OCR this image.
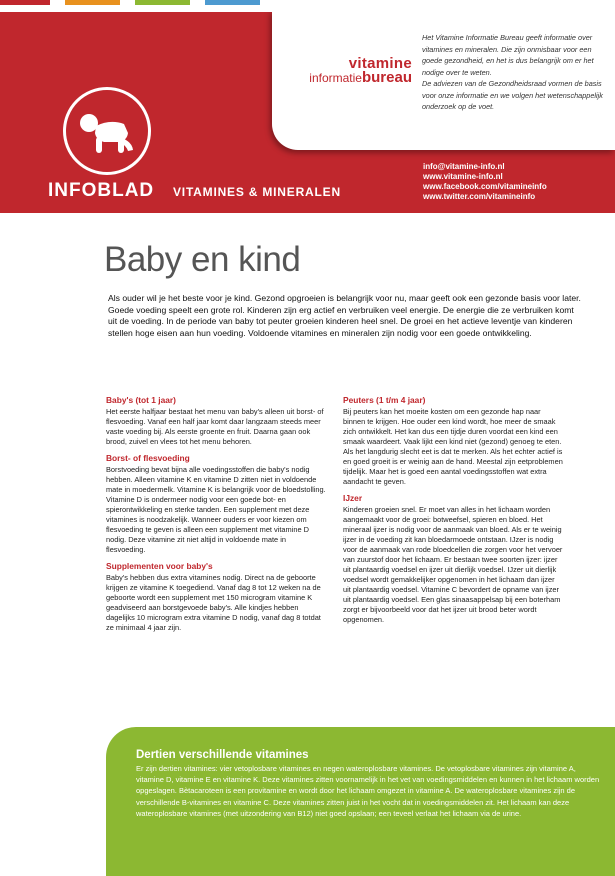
vitamine
informatiebureau

Het Vitamine Informatie Bureau geeft informatie over vitamines en mineralen. Die zijn onmisbaar voor een goede gezondheid, en het is dus belangrijk om er het nodige over te weten.

De adviezen van de Gezondheidsraad vormen de basis voor onze informatie en we volgen het wetenschappelijk onderzoek op de voet.

INFOBLAD VITAMINES & MINERALEN
info@vitamine-info.nl
www.vitamine-info.nl
www.facebook.com/vitamineinfo
www.twitter.com/vitamineinfo
Baby en kind

Als ouder wil je het beste voor je kind. Gezond opgroeien is belangrijk voor nu, maar geeft ook een gezonde basis voor later. Goede voeding speelt een grote rol. Kinderen zijn erg actief en verbruiken veel energie. De energie die ze verbruiken komt uit de voeding. In de periode van baby tot peuter groeien kinderen heel snel. De groei en het actieve leventje van kinderen stellen hoge eisen aan hun voeding. Voldoende vitamines en mineralen zijn nodig voor een goede ontwikkeling.

Baby's (tot 1 jaar)

Het eerste halfjaar bestaat het menu van baby's alleen uit borst- of flesvoeding. Vanaf een half jaar komt daar langzaam steeds meer vaste voeding bij. Als eerste groente en fruit. Daarna gaan ook brood, zuivel en vlees tot het menu behoren.

Borst- of flesvoeding

Borstvoeding bevat bijna alle voedingsstoffen die baby's nodig hebben. Alleen vitamine K en vitamine D zitten niet in voldoende mate in moedermelk. Vitamine K is belangrijk voor de bloedstolling. Vitamine D is ondermeer nodig voor een goede bot- en spierontwikkeling en sterke tanden. Een supplement met deze vitamines is noodzakelijk. Wanneer ouders er voor kiezen om flesvoeding te geven is alleen een supplement met vitamine D nodig. Deze vitamine zit niet altijd in voldoende mate in flesvoeding.

Supplementen voor baby's

Baby's hebben dus extra vitamines nodig. Direct na de geboorte krijgen ze vitamine K toegediend. Vanaf dag 8 tot 12 weken na de geboorte wordt een supplement met 150 microgram vitamine K geadviseerd aan borstgevoede baby's. Alle kindjes hebben dagelijks 10 microgram extra vitamine D nodig, vanaf dag 8 totdat ze minimaal 4 jaar zijn.

Peuters (1 t/m 4 jaar)

Bij peuters kan het moeite kosten om een gezonde hap naar binnen te krijgen. Hoe ouder een kind wordt, hoe meer de smaak zich ontwikkelt. Het kan dus een tijdje duren voordat een kind een smaak waardeert. Vaak lijkt een kind niet (gezond) genoeg te eten. Als het langdurig slecht eet is dat te merken. Als het echter actief is en goed groeit is er weinig aan de hand. Meestal zijn eetproblemen tijdelijk. Maar het is goed een aantal voedingsstoffen wat extra aandacht te geven.

IJzer

Kinderen groeien snel. Er moet van alles in het lichaam worden aangemaakt voor de groei: botweefsel, spieren en bloed. Het mineraal ijzer is nodig voor de aanmaak van bloed. Als er te weinig ijzer in de voeding zit kan bloedarmoede ontstaan. IJzer is nodig voor de aanmaak van rode bloedcellen die zorgen voor het vervoer van zuurstof door het lichaam. Er bestaan twee soorten ijzer: ijzer uit plantaardig voedsel en ijzer uit dierlijk voedsel. IJzer uit dierlijk voedsel wordt gemakkelijker opgenomen in het lichaam dan ijzer uit plantaardig voedsel. Vitamine C bevordert de opname van ijzer uit plantaardig voedsel. Een glas sinaasappelsap bij een boterham zorgt er bijvoorbeeld voor dat het ijzer uit brood beter wordt opgenomen.

Dertien verschillende vitamines
Er zijn dertien vitamines: vier vetoplosbare vitamines en negen wateroplosbare vitamines. De vetoplosbare vitamines zijn vitamine A, vitamine D, vitamine E en vitamine K. Deze vitamines zitten voornamelijk in het vet van voedingsmiddelen en kunnen in het lichaam worden opgeslagen. Bètacaroteen is een provitamine en wordt door het lichaam omgezet in vitamine A. De wateroplosbare vitamines zijn de verschillende B-vitamines en vitamine C. Deze vitamines zitten juist in het vocht dat in voedingsmiddelen zit. Het lichaam kan deze wateroplosbare vitamines (met uitzondering van B12) niet goed opslaan; een teveel verlaat het lichaam via de urine.
